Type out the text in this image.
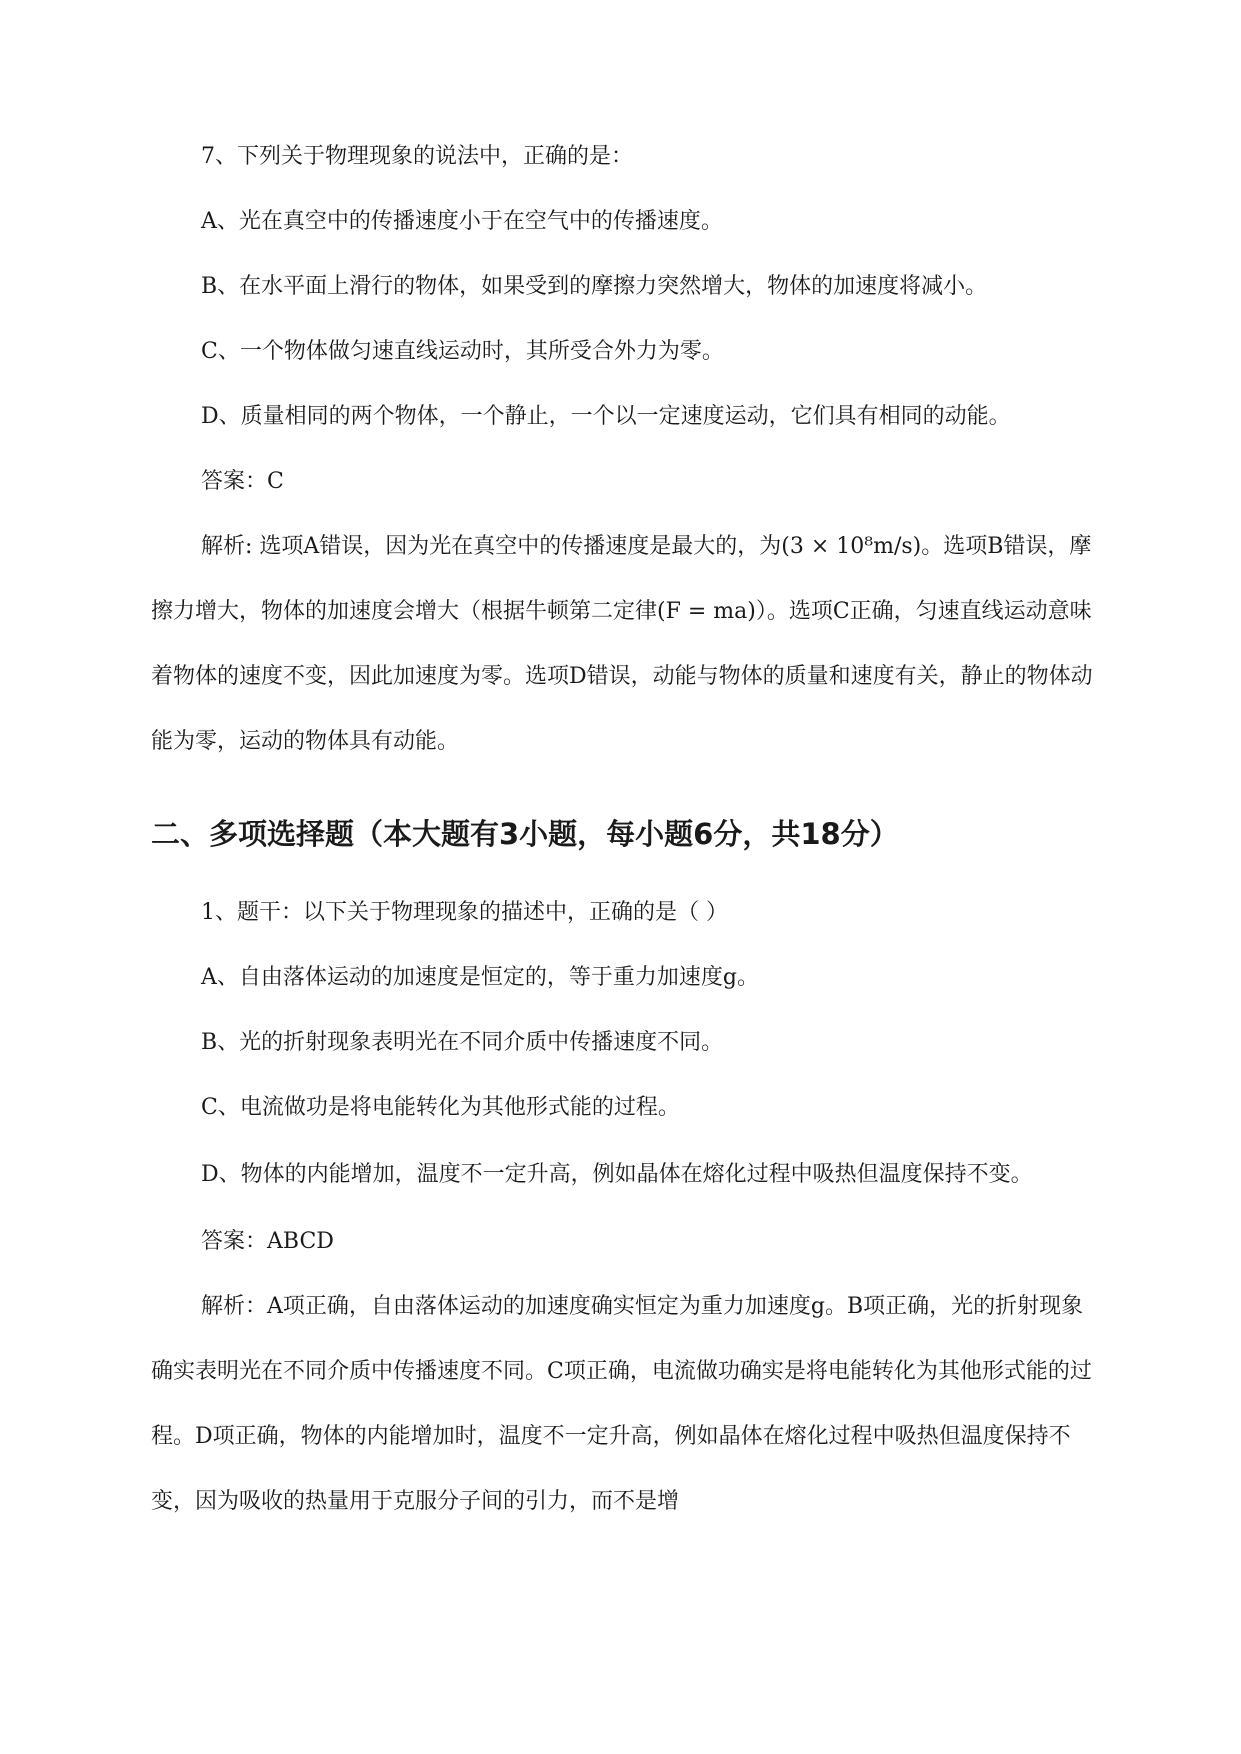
7、下列关于物理现象的说法中，正确的是：

A、光在真空中的传播速度小于在空气中的传播速度。

B、在水平面上滑行的物体，如果受到的摩擦力突然增大，物体的加速度将减小。

C、一个物体做匀速直线运动时，其所受合外力为零。

D、质量相同的两个物体，一个静止，一个以一定速度运动，它们具有相同的动能。

答案：C

解析: 选项A错误，因为光在真空中的传播速度是最大的，为(3 × 10⁸m/s)。选项B错误，摩擦力增大，物体的加速度会增大（根据牛顿第二定律(F = ma)）。选项C正确，匀速直线运动意味着物体的速度不变，因此加速度为零。选项D错误，动能与物体的质量和速度有关，静止的物体动能为零，运动的物体具有动能。

二、多项选择题（本大题有3小题，每小题6分，共18分）

1、题干：以下关于物理现象的描述中，正确的是（ ）

A、自由落体运动的加速度是恒定的，等于重力加速度g。

B、光的折射现象表明光在不同介质中传播速度不同。

C、电流做功是将电能转化为其他形式能的过程。

D、物体的内能增加，温度不一定升高，例如晶体在熔化过程中吸热但温度保持不变。

答案：ABCD

解析：A项正确，自由落体运动的加速度确实恒定为重力加速度g。B项正确，光的折射现象确实表明光在不同介质中传播速度不同。C项正确，电流做功确实是将电能转化为其他形式能的过程。D项正确，物体的内能增加时，温度不一定升高，例如晶体在熔化过程中吸热但温度保持不变，因为吸收的热量用于克服分子间的引力，而不是增
